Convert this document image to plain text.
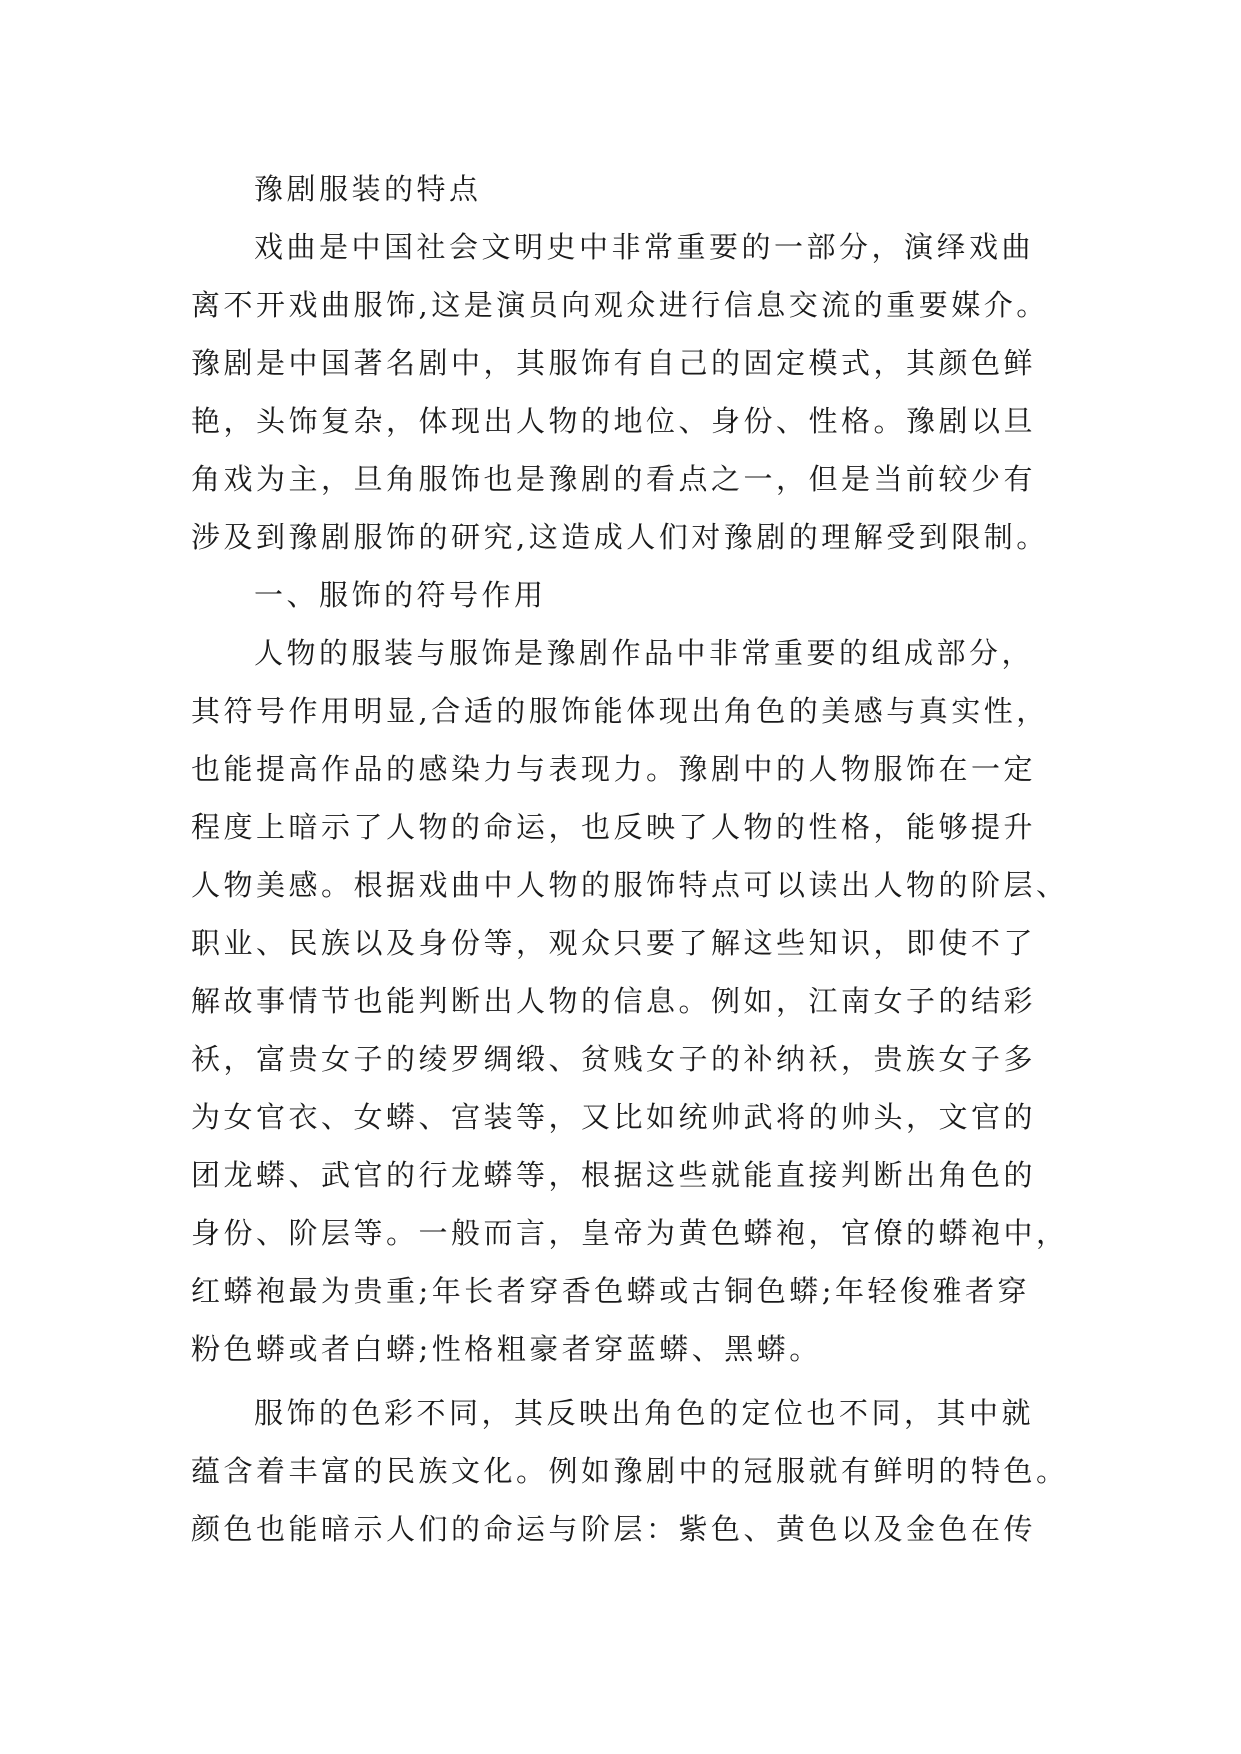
豫剧服装的特点
戏曲是中国社会文明史中非常重要的一部分，演绎戏曲
离不开戏曲服饰,这是演员向观众进行信息交流的重要媒介。
豫剧是中国著名剧中，其服饰有自己的固定模式，其颜色鲜
艳，头饰复杂，体现出人物的地位、身份、性格。豫剧以旦
角戏为主，旦角服饰也是豫剧的看点之一，但是当前较少有
涉及到豫剧服饰的研究,这造成人们对豫剧的理解受到限制。
一、服饰的符号作用
人物的服装与服饰是豫剧作品中非常重要的组成部分，
其符号作用明显,合适的服饰能体现出角色的美感与真实性，
也能提高作品的感染力与表现力。豫剧中的人物服饰在一定
程度上暗示了人物的命运，也反映了人物的性格，能够提升
人物美感。根据戏曲中人物的服饰特点可以读出人物的阶层、
职业、民族以及身份等，观众只要了解这些知识，即使不了
解故事情节也能判断出人物的信息。例如，江南女子的结彩
袄，富贵女子的绫罗绸缎、贫贱女子的补纳袄，贵族女子多
为女官衣、女蟒、宫装等，又比如统帅武将的帅头，文官的
团龙蟒、武官的行龙蟒等，根据这些就能直接判断出角色的
身份、阶层等。一般而言，皇帝为黄色蟒袍，官僚的蟒袍中，
红蟒袍最为贵重;年长者穿香色蟒或古铜色蟒;年轻俊雅者穿
粉色蟒或者白蟒;性格粗豪者穿蓝蟒、黑蟒。
服饰的色彩不同，其反映出角色的定位也不同，其中就
蕴含着丰富的民族文化。例如豫剧中的冠服就有鲜明的特色。
颜色也能暗示人们的命运与阶层：紫色、黄色以及金色在传
